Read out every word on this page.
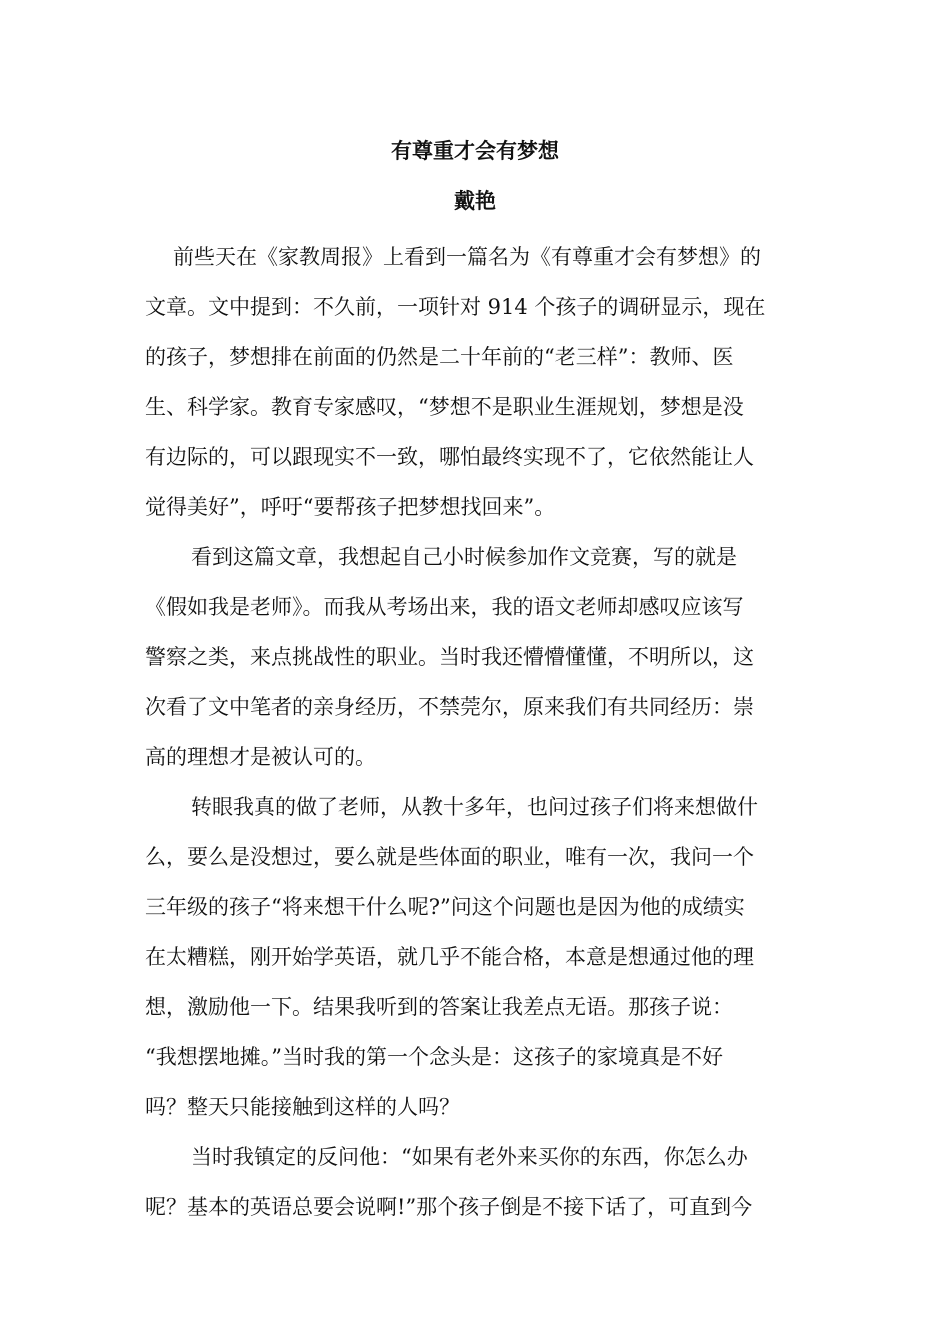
有尊重才会有梦想
戴艳

前些天在《家教周报》上看到一篇名为《有尊重才会有梦想》的

文章。文中提到：不久前，一项针对 914 个孩子的调研显示，现在

的孩子，梦想排在前面的仍然是二十年前的“老三样”：教师、医

生、科学家。教育专家感叹，“梦想不是职业生涯规划，梦想是没

有边际的，可以跟现实不一致，哪怕最终实现不了，它依然能让人

觉得美好”，呼吁“要帮孩子把梦想找回来”。

看到这篇文章，我想起自己小时候参加作文竞赛，写的就是

《假如我是老师》。而我从考场出来，我的语文老师却感叹应该写

警察之类，来点挑战性的职业。当时我还懵懵懂懂，不明所以，这

次看了文中笔者的亲身经历，不禁莞尔，原来我们有共同经历：崇

高的理想才是被认可的。

转眼我真的做了老师，从教十多年，也问过孩子们将来想做什

么，要么是没想过，要么就是些体面的职业，唯有一次，我问一个

三年级的孩子“将来想干什么呢?”问这个问题也是因为他的成绩实

在太糟糕，刚开始学英语，就几乎不能合格，本意是想通过他的理

想，激励他一下。结果我听到的答案让我差点无语。那孩子说：

“我想摆地摊。”当时我的第一个念头是：这孩子的家境真是不好

吗？整天只能接触到这样的人吗？

当时我镇定的反问他：“如果有老外来买你的东西，你怎么办

呢？基本的英语总要会说啊!”那个孩子倒是不接下话了，可直到今
